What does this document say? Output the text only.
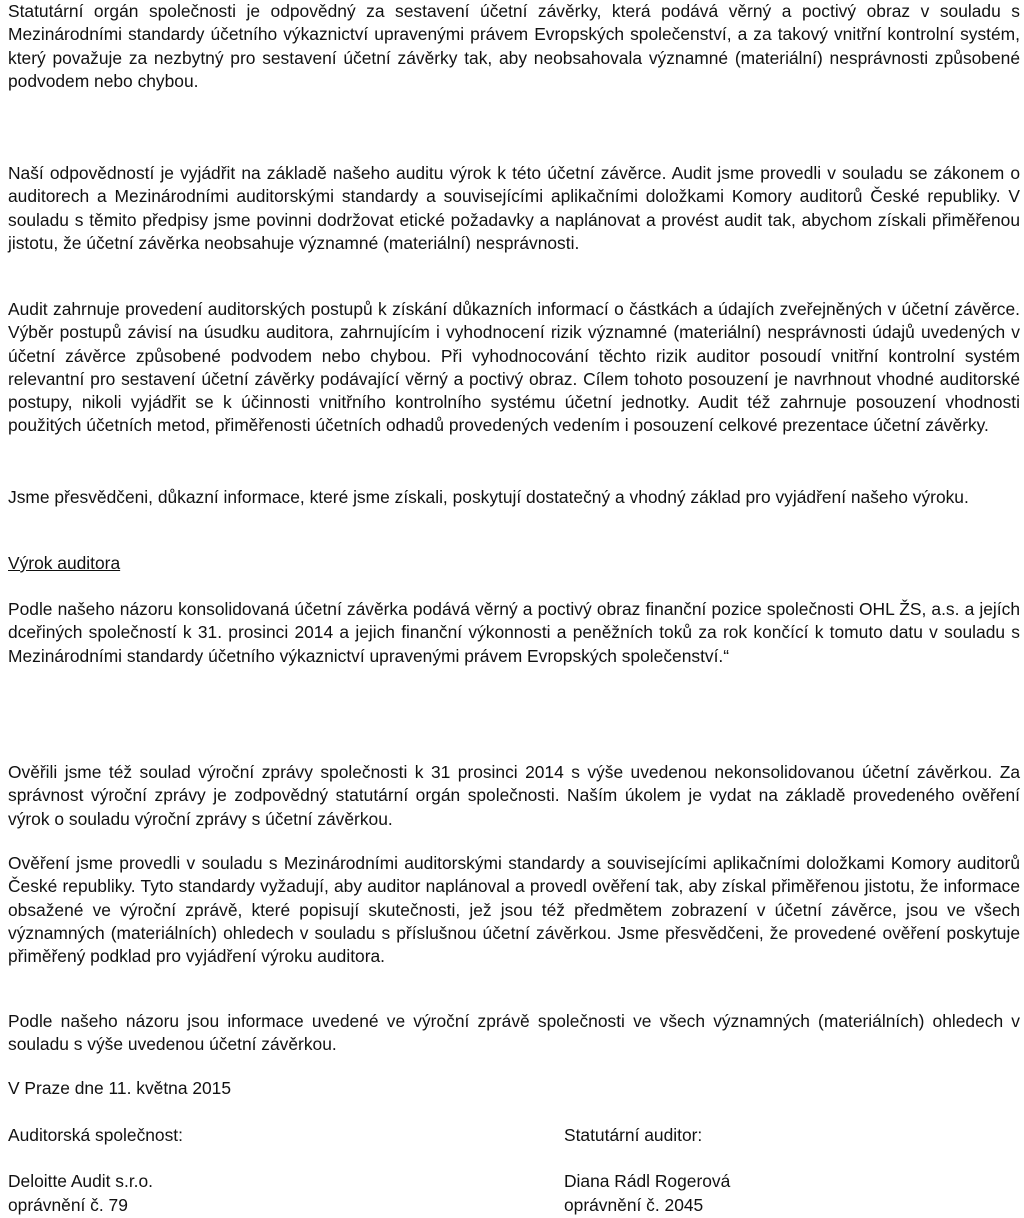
Statutární orgán společnosti je odpovědný za sestavení účetní závěrky, která podává věrný a poctivý obraz v souladu s Mezinárodními standardy účetního výkaznictví upravenými právem Evropských společenství, a za takový vnitřní kontrolní systém, který považuje za nezbytný pro sestavení účetní závěrky tak, aby neobsahovala významné (materiální) nesprávnosti způsobené podvodem nebo chybou.

Naší odpovědností je vyjádřit na základě našeho auditu výrok k této účetní závěrce. Audit jsme provedli v souladu se zákonem o auditorech a Mezinárodními auditorskými standardy a souvisejícími aplikačními doložkami Komory auditorů České republiky. V souladu s těmito předpisy jsme povinni dodržovat etické požadavky a naplánovat a provést audit tak, abychom získali přiměřenou jistotu, že účetní závěrka neobsahuje významné (materiální) nesprávnosti.

Audit zahrnuje provedení auditorských postupů k získání důkazních informací o částkách a údajích zveřejněných v účetní závěrce. Výběr postupů závisí na úsudku auditora, zahrnujícím i vyhodnocení rizik významné (materiální) nesprávnosti údajů uvedených v účetní závěrce způsobené podvodem nebo chybou. Při vyhodnocování těchto rizik auditor posoudí vnitřní kontrolní systém relevantní pro sestavení účetní závěrky podávající věrný a poctivý obraz. Cílem tohoto posouzení je navrhnout vhodné auditorské postupy, nikoli vyjádřit se k účinnosti vnitřního kontrolního systému účetní jednotky. Audit též zahrnuje posouzení vhodnosti použitých účetních metod, přiměřenosti účetních odhadů provedených vedením i posouzení celkové prezentace účetní závěrky.

Jsme přesvědčeni, důkazní informace, které jsme získali, poskytují dostatečný a vhodný základ pro vyjádření našeho výroku.

Výrok auditora

Podle našeho názoru konsolidovaná účetní závěrka podává věrný a poctivý obraz finanční pozice společnosti OHL ŽS, a.s. a jejích dceřiných společností k 31. prosinci 2014 a jejich finanční výkonnosti a peněžních toků za rok končící k tomuto datu v souladu s Mezinárodními standardy účetního výkaznictví upravenými právem Evropských společenství.“

Ověřili jsme též soulad výroční zprávy společnosti k 31 prosinci 2014 s výše uvedenou nekonsolidovanou účetní závěrkou. Za správnost výroční zprávy je zodpovědný statutární orgán společnosti. Naším úkolem je vydat na základě provedeného ověření výrok o souladu výroční zprávy s účetní závěrkou.

Ověření jsme provedli v souladu s Mezinárodními auditorskými standardy a souvisejícími aplikačními doložkami Komory auditorů České republiky. Tyto standardy vyžadují, aby auditor naplánoval a provedl ověření tak, aby získal přiměřenou jistotu, že informace obsažené ve výroční zprávě, které popisují skutečnosti, jež jsou též předmětem zobrazení v účetní závěrce, jsou ve všech významných (materiálních) ohledech v souladu s příslušnou účetní závěrkou. Jsme přesvědčeni, že provedené ověření poskytuje přiměřený podklad pro vyjádření výroku auditora.

Podle našeho názoru jsou informace uvedené ve výroční zprávě společnosti ve všech významných (materiálních) ohledech v souladu s výše uvedenou účetní závěrkou.

V Praze dne 11. května 2015

Auditorská společnost:
Deloitte Audit s.r.o.
oprávnění č. 79
Statutární auditor:
Diana Rádl Rogerová
oprávnění č. 2045
